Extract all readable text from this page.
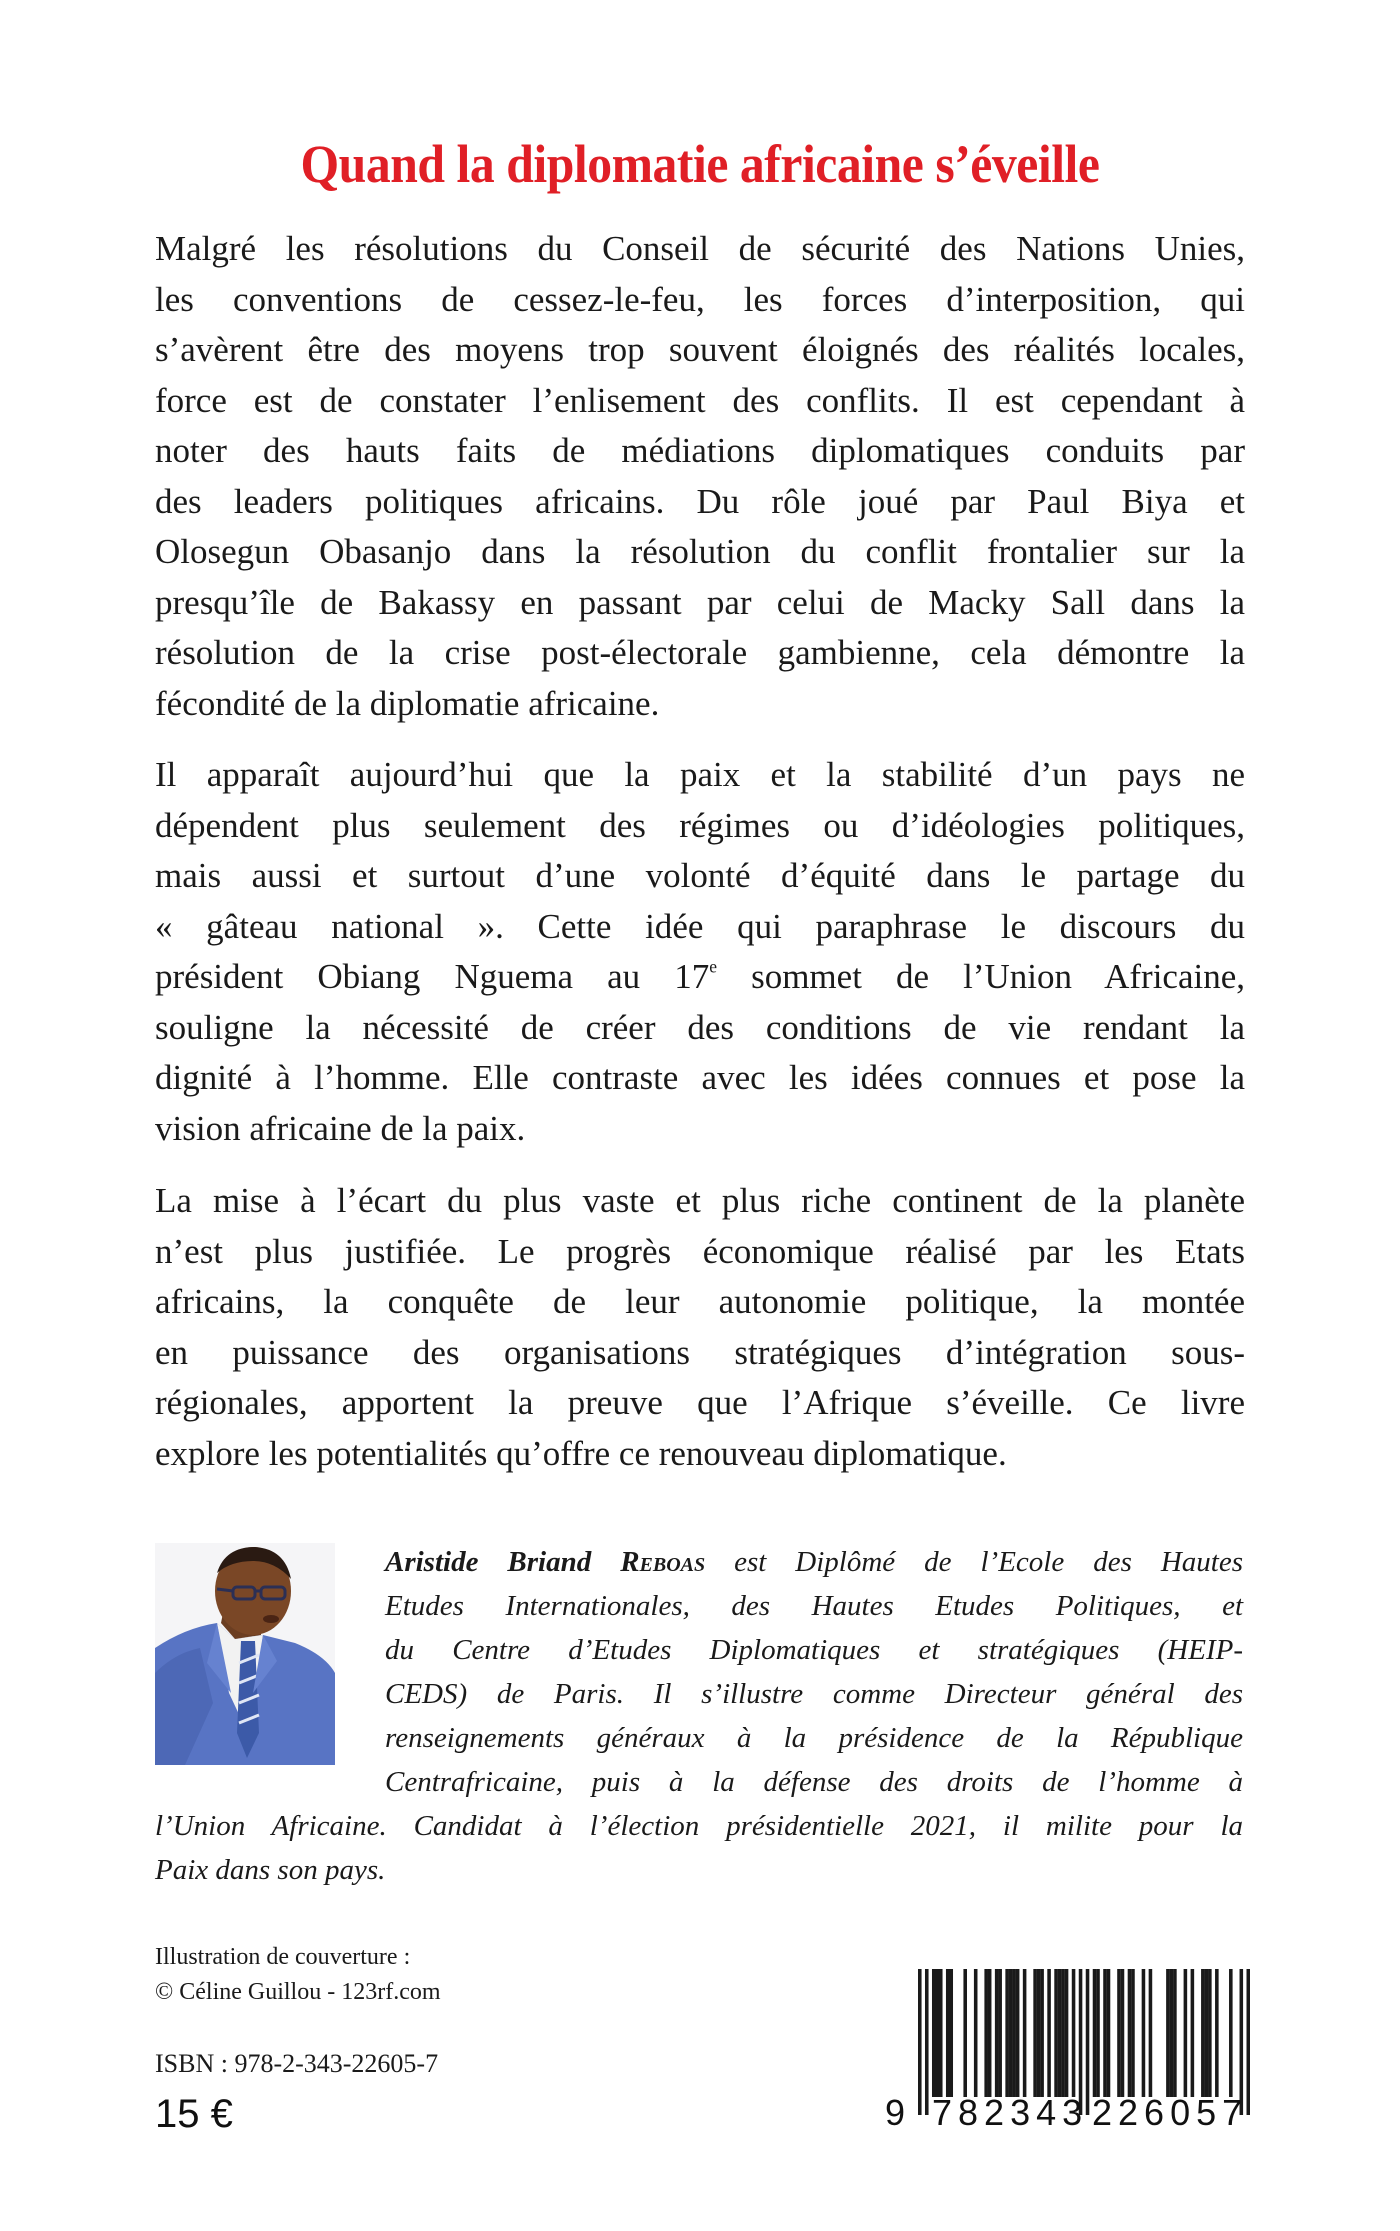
Quand la diplomatie africaine s’éveille
Malgré les résolutions du Conseil de sécurité des Nations Unies,
les conventions de cessez-le-feu, les forces d’interposition, qui
s’avèrent être des moyens trop souvent éloignés des réalités locales,
force est de constater l’enlisement des conflits. Il est cependant à
noter des hauts faits de médiations diplomatiques conduits par
des leaders politiques africains. Du rôle joué par Paul Biya et
Olosegun Obasanjo dans la résolution du conflit frontalier sur la
presqu’île de Bakassy en passant par celui de Macky Sall dans la
résolution de la crise post-électorale gambienne, cela démontre la
fécondité de la diplomatie africaine.
Il apparaît aujourd’hui que la paix et la stabilité d’un pays ne
dépendent plus seulement des régimes ou d’idéologies politiques,
mais aussi et surtout d’une volonté d’équité dans le partage du
« gâteau national ». Cette idée qui paraphrase le discours du
président Obiang Nguema au 17e sommet de l’Union Africaine,
souligne la nécessité de créer des conditions de vie rendant la
dignité à l’homme. Elle contraste avec les idées connues et pose la
vision africaine de la paix.
La mise à l’écart du plus vaste et plus riche continent de la planète
n’est plus justifiée. Le progrès économique réalisé par les Etats
africains, la conquête de leur autonomie politique, la montée
en puissance des organisations stratégiques d’intégration sous-
régionales, apportent la preuve que l’Afrique s’éveille. Ce livre
explore les potentialités qu’offre ce renouveau diplomatique.
Aristide Briand Reboas est Diplômé de l’Ecole des Hautes
Etudes Internationales, des Hautes Etudes Politiques, et
du Centre d’Etudes Diplomatiques et stratégiques (HEIP-
CEDS) de Paris. Il s’illustre comme Directeur général des
renseignements généraux à la présidence de la République
Centrafricaine, puis à la défense des droits de l’homme à
l’Union Africaine. Candidat à l’élection présidentielle 2021, il milite pour la
Paix dans son pays.
Illustration de couverture :
© Céline Guillou - 123rf.com
ISBN : 978-2-343-22605-7
15 €	9 782343 226057
